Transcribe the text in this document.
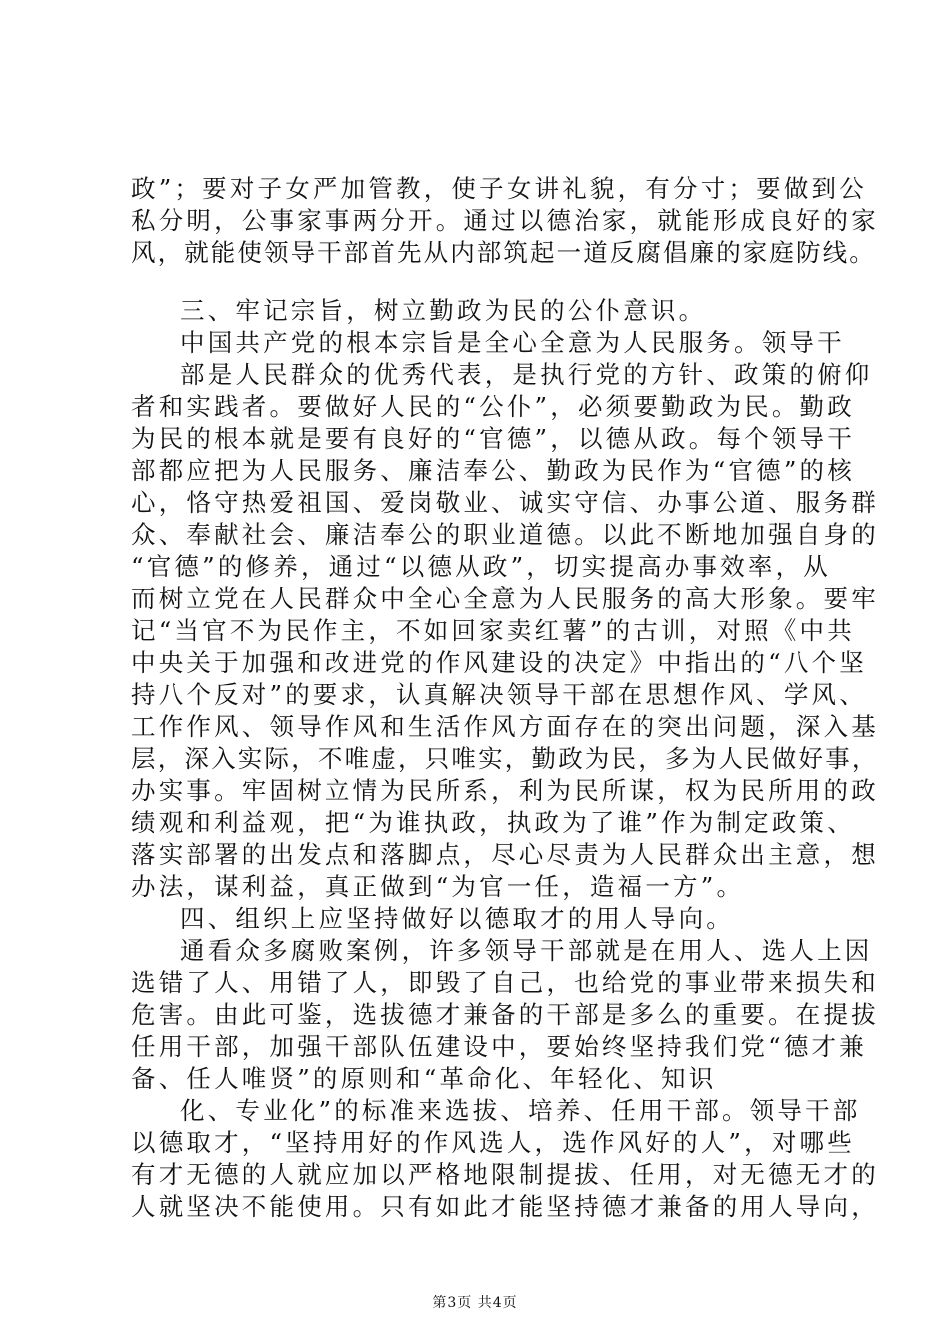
政”；要对子女严加管教，使子女讲礼貌，有分寸；要做到公
私分明，公事家事两分开。通过以德治家，就能形成良好的家
风，就能使领导干部首先从内部筑起一道反腐倡廉的家庭防线。
三、牢记宗旨，树立勤政为民的公仆意识。
中国共产党的根本宗旨是全心全意为人民服务。领导干
部是人民群众的优秀代表，是执行党的方针、政策的俯仰
者和实践者。要做好人民的“公仆”，必须要勤政为民。勤政
为民的根本就是要有良好的“官德”，以德从政。每个领导干
部都应把为人民服务、廉洁奉公、勤政为民作为“官德”的核
心，恪守热爱祖国、爱岗敬业、诚实守信、办事公道、服务群
众、奉献社会、廉洁奉公的职业道德。以此不断地加强自身的
“官德”的修养，通过“以德从政”，切实提高办事效率，从
而树立党在人民群众中全心全意为人民服务的高大形象。要牢
记“当官不为民作主，不如回家卖红薯”的古训，对照《中共
中央关于加强和改进党的作风建设的决定》中指出的“八个坚
持八个反对”的要求，认真解决领导干部在思想作风、学风、
工作作风、领导作风和生活作风方面存在的突出问题，深入基
层，深入实际，不唯虚，只唯实，勤政为民，多为人民做好事，
办实事。牢固树立情为民所系，利为民所谋，权为民所用的政
绩观和利益观，把“为谁执政，执政为了谁”作为制定政策、
落实部署的出发点和落脚点，尽心尽责为人民群众出主意，想
办法，谋利益，真正做到“为官一任，造福一方”。
四、组织上应坚持做好以德取才的用人导向。
通看众多腐败案例，许多领导干部就是在用人、选人上因
选错了人、用错了人，即毁了自己，也给党的事业带来损失和
危害。由此可鉴，选拔德才兼备的干部是多么的重要。在提拔
任用干部，加强干部队伍建设中，要始终坚持我们党“德才兼
备、任人唯贤”的原则和“革命化、年轻化、知识
化、专业化”的标准来选拔、培养、任用干部。领导干部
以德取才，“坚持用好的作风选人，选作风好的人”，对哪些
有才无德的人就应加以严格地限制提拔、任用，对无德无才的
人就坚决不能使用。只有如此才能坚持德才兼备的用人导向，
第3页 共4页
